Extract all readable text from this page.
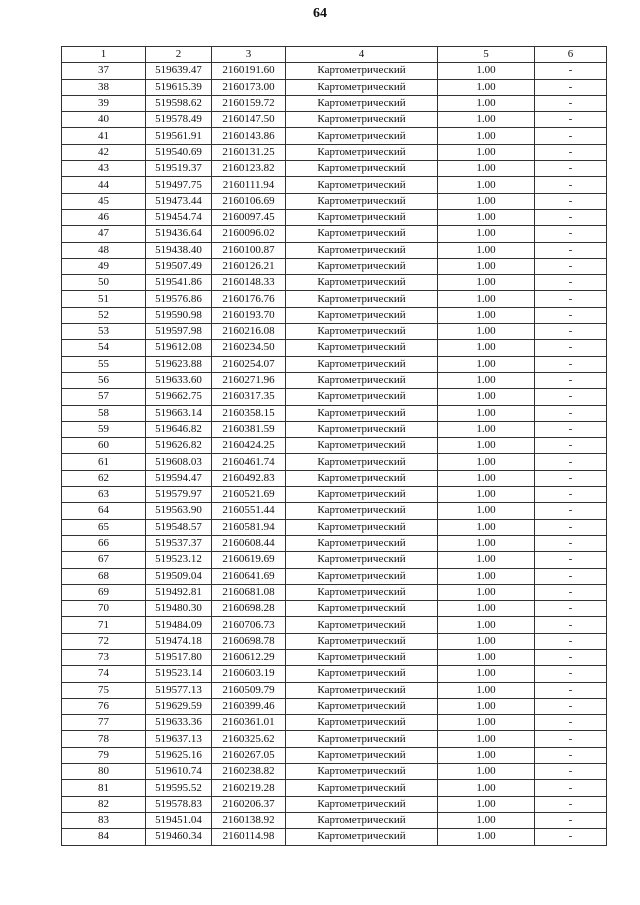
64
1	2	3	4	5	6
37	519639.47	2160191.60	Картометрический	1.00	-
38	519615.39	2160173.00	Картометрический	1.00	-
39	519598.62	2160159.72	Картометрический	1.00	-
40	519578.49	2160147.50	Картометрический	1.00	-
41	519561.91	2160143.86	Картометрический	1.00	-
42	519540.69	2160131.25	Картометрический	1.00	-
43	519519.37	2160123.82	Картометрический	1.00	-
44	519497.75	2160111.94	Картометрический	1.00	-
45	519473.44	2160106.69	Картометрический	1.00	-
46	519454.74	2160097.45	Картометрический	1.00	-
47	519436.64	2160096.02	Картометрический	1.00	-
48	519438.40	2160100.87	Картометрический	1.00	-
49	519507.49	2160126.21	Картометрический	1.00	-
50	519541.86	2160148.33	Картометрический	1.00	-
51	519576.86	2160176.76	Картометрический	1.00	-
52	519590.98	2160193.70	Картометрический	1.00	-
53	519597.98	2160216.08	Картометрический	1.00	-
54	519612.08	2160234.50	Картометрический	1.00	-
55	519623.88	2160254.07	Картометрический	1.00	-
56	519633.60	2160271.96	Картометрический	1.00	-
57	519662.75	2160317.35	Картометрический	1.00	-
58	519663.14	2160358.15	Картометрический	1.00	-
59	519646.82	2160381.59	Картометрический	1.00	-
60	519626.82	2160424.25	Картометрический	1.00	-
61	519608.03	2160461.74	Картометрический	1.00	-
62	519594.47	2160492.83	Картометрический	1.00	-
63	519579.97	2160521.69	Картометрический	1.00	-
64	519563.90	2160551.44	Картометрический	1.00	-
65	519548.57	2160581.94	Картометрический	1.00	-
66	519537.37	2160608.44	Картометрический	1.00	-
67	519523.12	2160619.69	Картометрический	1.00	-
68	519509.04	2160641.69	Картометрический	1.00	-
69	519492.81	2160681.08	Картометрический	1.00	-
70	519480.30	2160698.28	Картометрический	1.00	-
71	519484.09	2160706.73	Картометрический	1.00	-
72	519474.18	2160698.78	Картометрический	1.00	-
73	519517.80	2160612.29	Картометрический	1.00	-
74	519523.14	2160603.19	Картометрический	1.00	-
75	519577.13	2160509.79	Картометрический	1.00	-
76	519629.59	2160399.46	Картометрический	1.00	-
77	519633.36	2160361.01	Картометрический	1.00	-
78	519637.13	2160325.62	Картометрический	1.00	-
79	519625.16	2160267.05	Картометрический	1.00	-
80	519610.74	2160238.82	Картометрический	1.00	-
81	519595.52	2160219.28	Картометрический	1.00	-
82	519578.83	2160206.37	Картометрический	1.00	-
83	519451.04	2160138.92	Картометрический	1.00	-
84	519460.34	2160114.98	Картометрический	1.00	-
